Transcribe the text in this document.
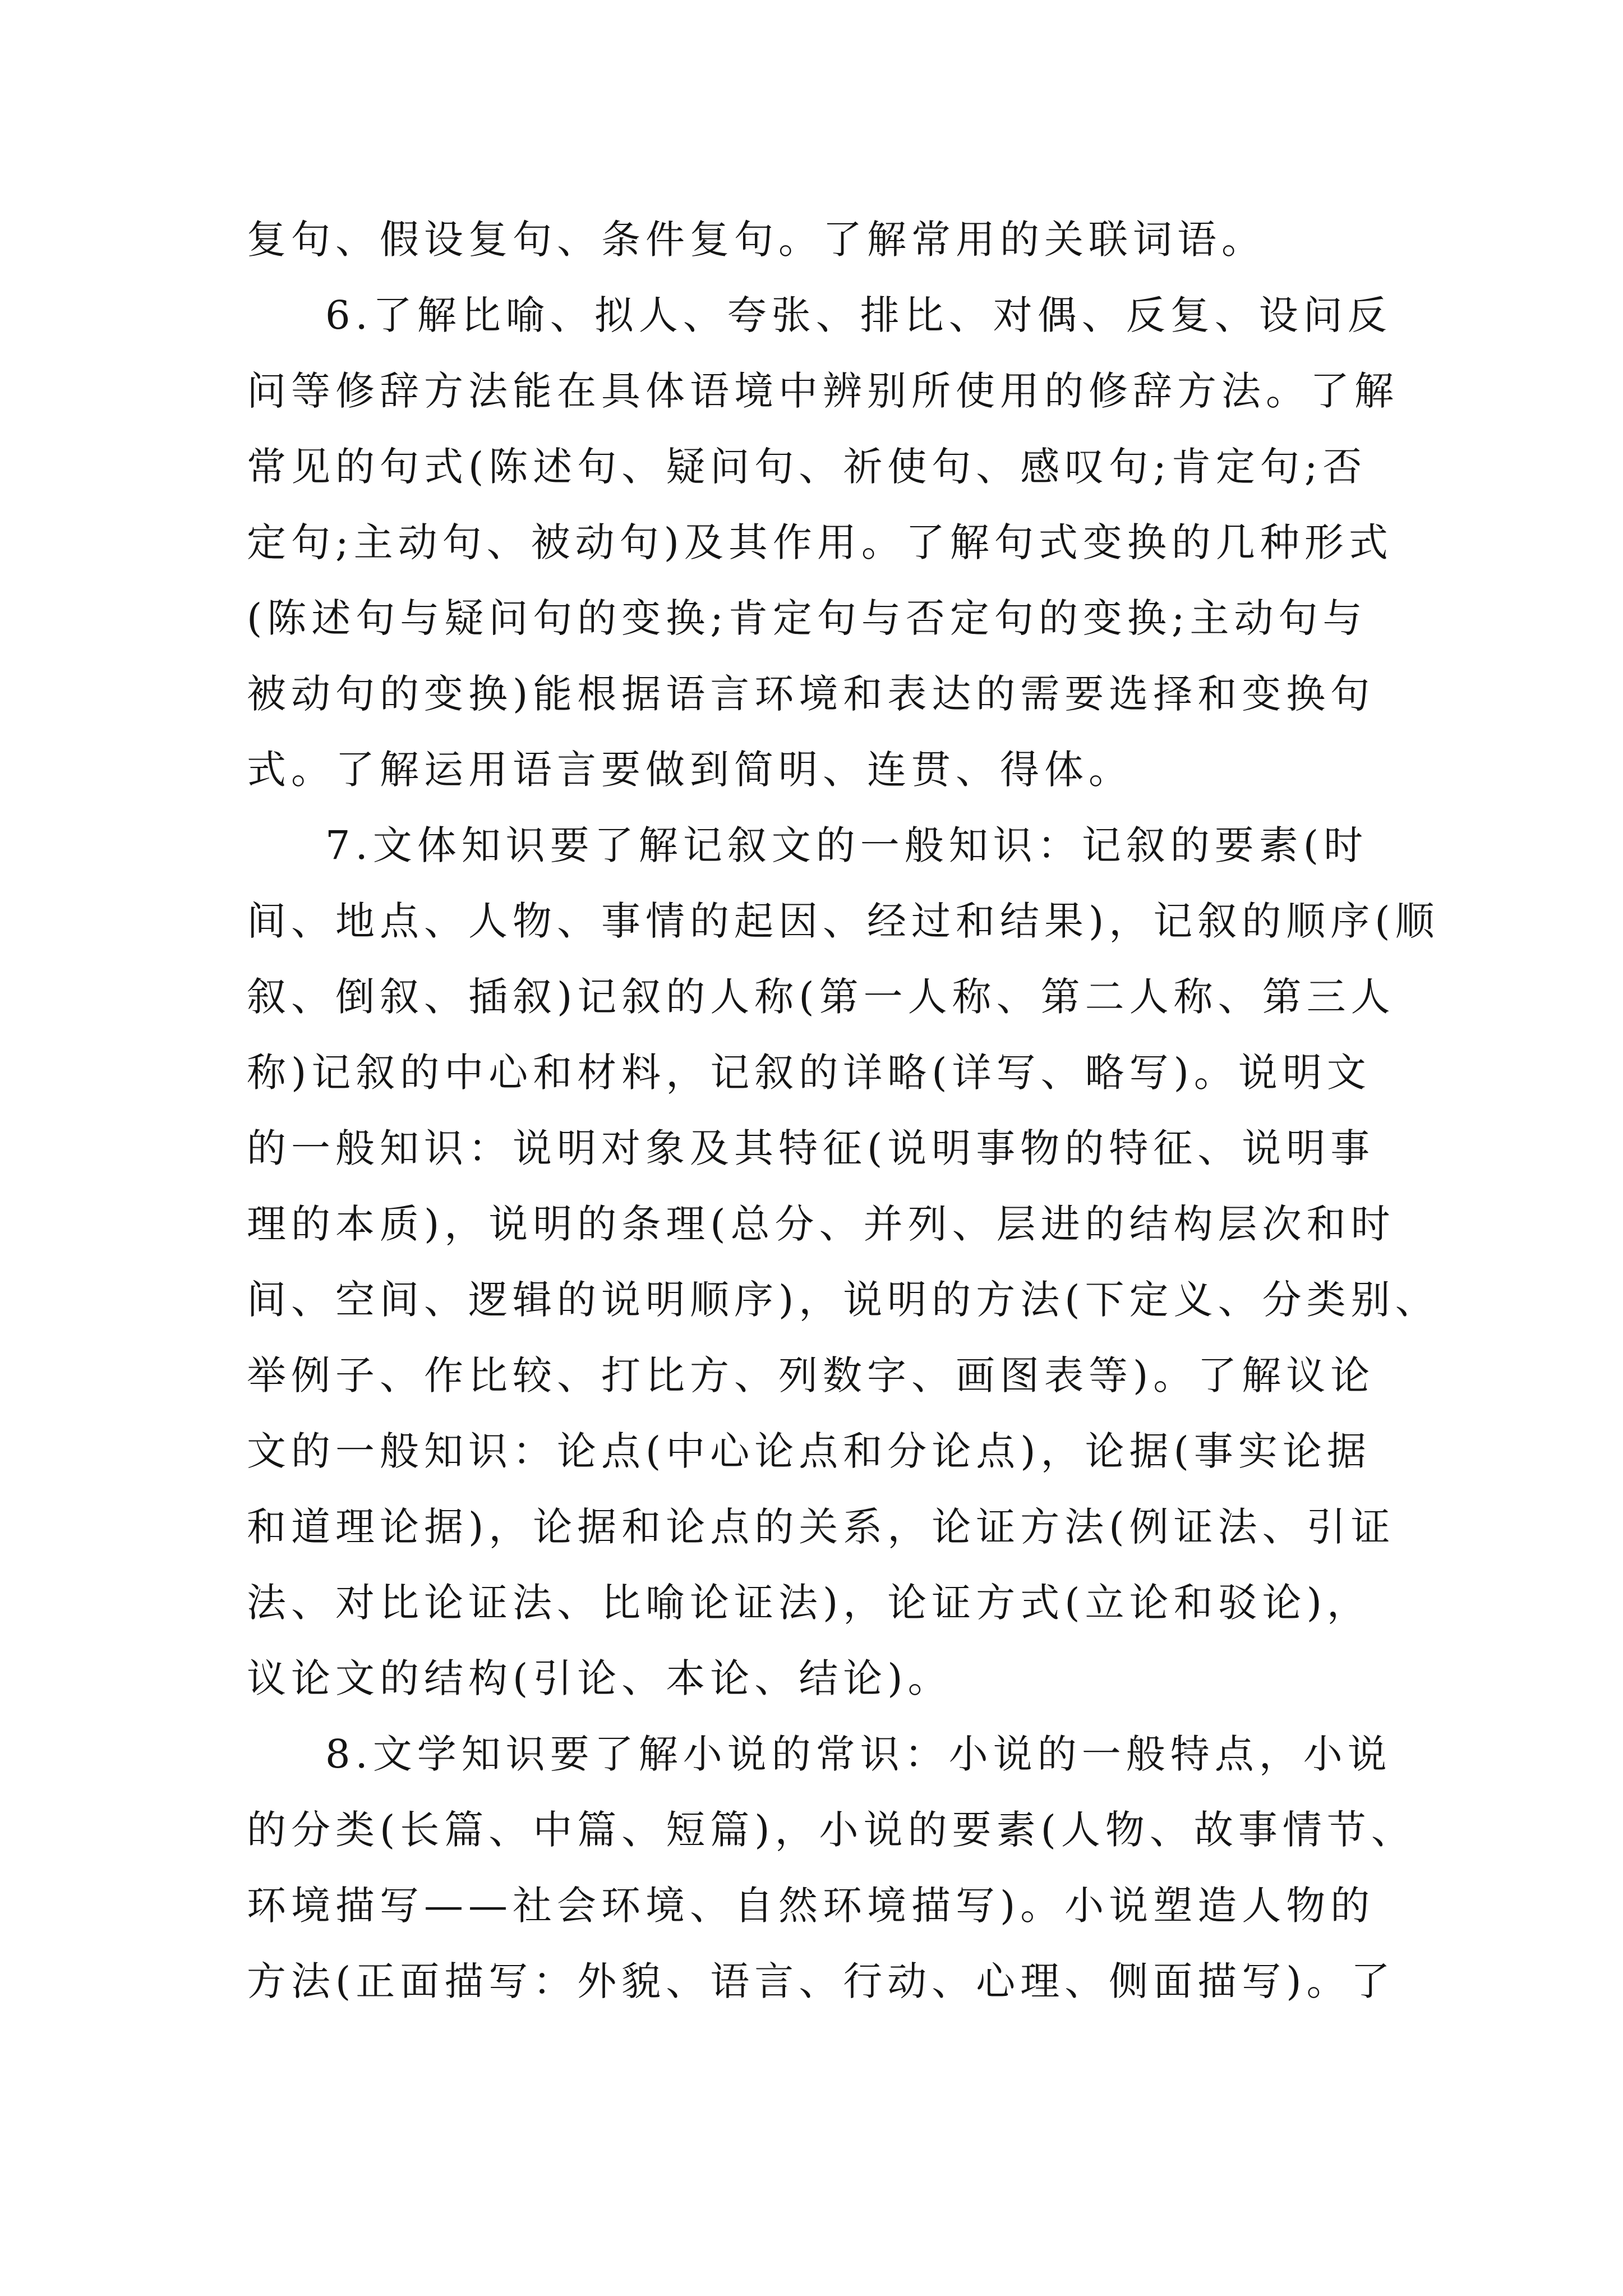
复句、假设复句、条件复句。了解常用的关联词语。
6.了解比喻、拟人、夸张、排比、对偶、反复、设问反
问等修辞方法能在具体语境中辨别所使用的修辞方法。了解
常见的句式(陈述句、疑问句、祈使句、感叹句;肯定句;否
定句;主动句、被动句)及其作用。了解句式变换的几种形式
(陈述句与疑问句的变换;肯定句与否定句的变换;主动句与
被动句的变换)能根据语言环境和表达的需要选择和变换句
式。了解运用语言要做到简明、连贯、得体。
7.文体知识要了解记叙文的一般知识：记叙的要素(时
间、地点、人物、事情的起因、经过和结果)，记叙的顺序(顺
叙、倒叙、插叙)记叙的人称(第一人称、第二人称、第三人
称)记叙的中心和材料，记叙的详略(详写、略写)。说明文
的一般知识：说明对象及其特征(说明事物的特征、说明事
理的本质)，说明的条理(总分、并列、层进的结构层次和时
间、空间、逻辑的说明顺序)，说明的方法(下定义、分类别、
举例子、作比较、打比方、列数字、画图表等)。了解议论
文的一般知识：论点(中心论点和分论点)，论据(事实论据
和道理论据)，论据和论点的关系，论证方法(例证法、引证
法、对比论证法、比喻论证法)，论证方式(立论和驳论)，
议论文的结构(引论、本论、结论)。
8.文学知识要了解小说的常识：小说的一般特点，小说
的分类(长篇、中篇、短篇)，小说的要素(人物、故事情节、
环境描写——社会环境、自然环境描写)。小说塑造人物的
方法(正面描写：外貌、语言、行动、心理、侧面描写)。了
